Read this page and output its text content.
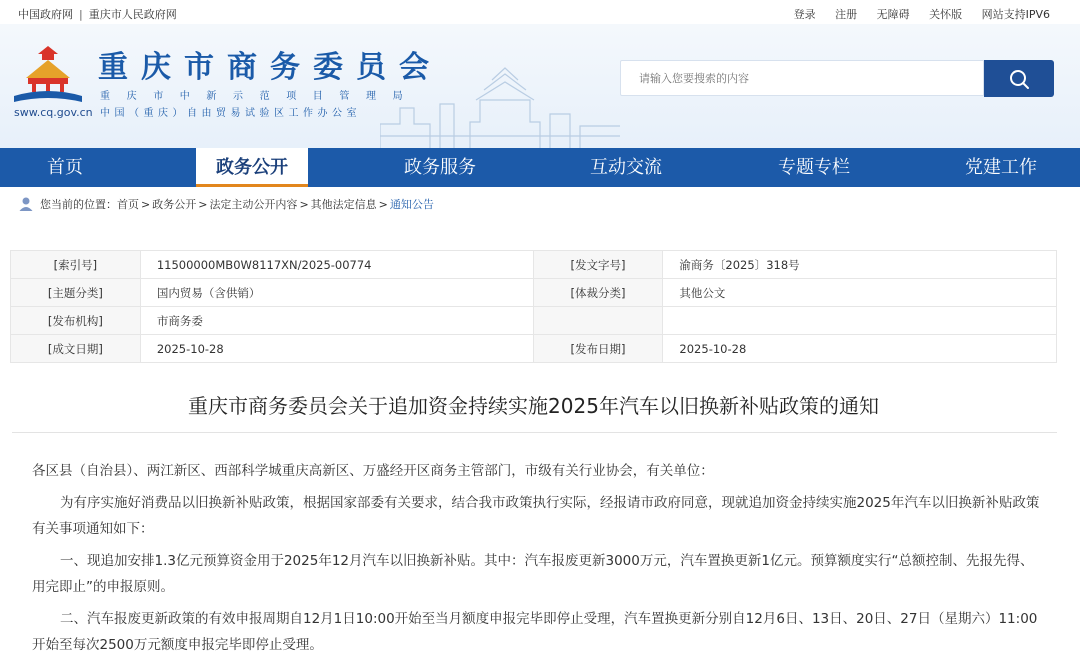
中国政府网 | 重庆市人民政府网	登录 注册 无障碍 关怀版 网站支持IPV6
sww.cq.gov.cn
重庆市商务委员会
重庆市中新示范项目管理局
中国（重庆）自由贸易试验区工作办公室
请输入您要搜索的内容
首页	政务公开	政务服务	互动交流	专题专栏	党建工作
您当前的位置： 首页 > 政务公开 > 法定主动公开内容 > 其他法定信息 > 通知公告
[索引号]	11500000MB0W8117XN/2025-00774	[发文字号]	渝商务〔2025〕318号
[主题分类]	国内贸易（含供销）	[体裁分类]	其他公文
[发布机构]	市商务委		
[成文日期]	2025-10-28	[发布日期]	2025-10-28
重庆市商务委员会关于追加资金持续实施2025年汽车以旧换新补贴政策的通知

各区县（自治县）、两江新区、西部科学城重庆高新区、万盛经开区商务主管部门，市级有关行业协会，有关单位：

为有序实施好消费品以旧换新补贴政策，根据国家部委有关要求，结合我市政策执行实际，经报请市政府同意，现就追加资金持续实施2025年汽车以旧换新补贴政策有关事项通知如下：

一、现追加安排1.3亿元预算资金用于2025年12月汽车以旧换新补贴。其中：汽车报废更新3000万元，汽车置换更新1亿元。预算额度实行“总额控制、先报先得、用完即止”的申报原则。

二、汽车报废更新政策的有效申报周期自12月1日10:00开始至当月额度申报完毕即停止受理，汽车置换更新分别自12月6日、13日、20日、27日（星期六）11:00开始至每次2500万元额度申报完毕即停止受理。
